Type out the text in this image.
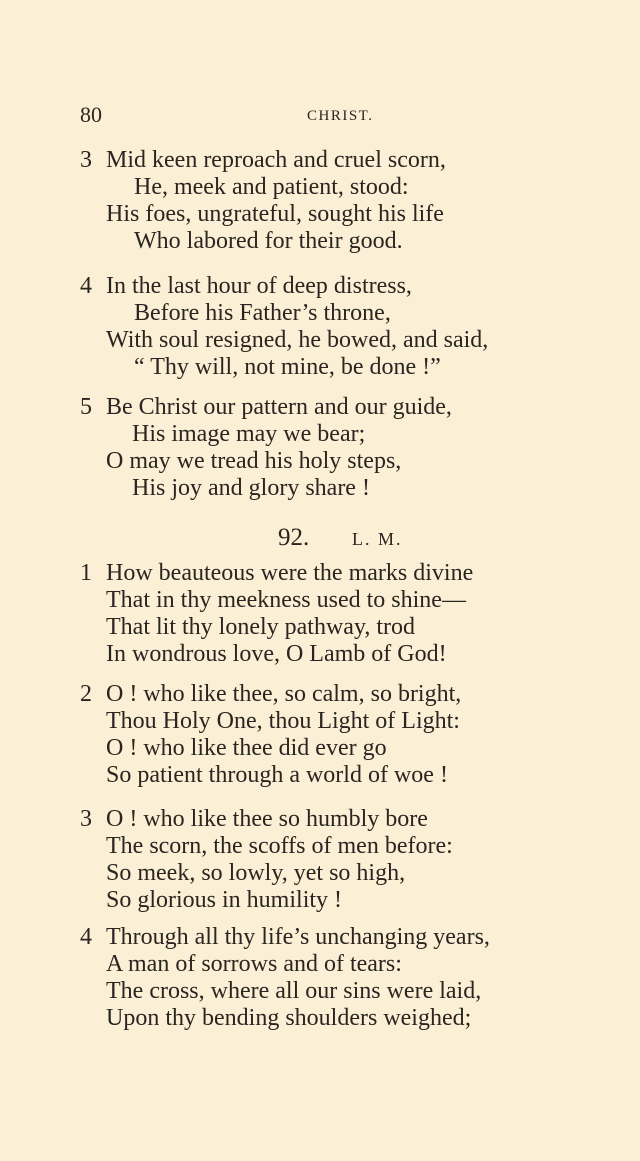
80	CHRIST.
3 Mid keen reproach and cruel scorn,
He, meek and patient, stood:
His foes, ungrateful, sought his life
Who labored for their good.
4 In the last hour of deep distress,
Before his Father’s throne,
With soul resigned, he bowed, and said,
“ Thy will, not mine, be done !”
5 Be Christ our pattern and our guide,
His image may we bear;
O may we tread his holy steps,
His joy and glory share !
92. L. M.
1 How beauteous were the marks divine
That in thy meekness used to shine—
That lit thy lonely pathway, trod
In wondrous love, O Lamb of God!
2 O ! who like thee, so calm, so bright,
Thou Holy One, thou Light of Light:
O ! who like thee did ever go
So patient through a world of woe !
3 O ! who like thee so humbly bore
The scorn, the scoffs of men before:
So meek, so lowly, yet so high,
So glorious in humility !
4 Through all thy life’s unchanging years,
A man of sorrows and of tears:
The cross, where all our sins were laid,
Upon thy bending shoulders weighed;
